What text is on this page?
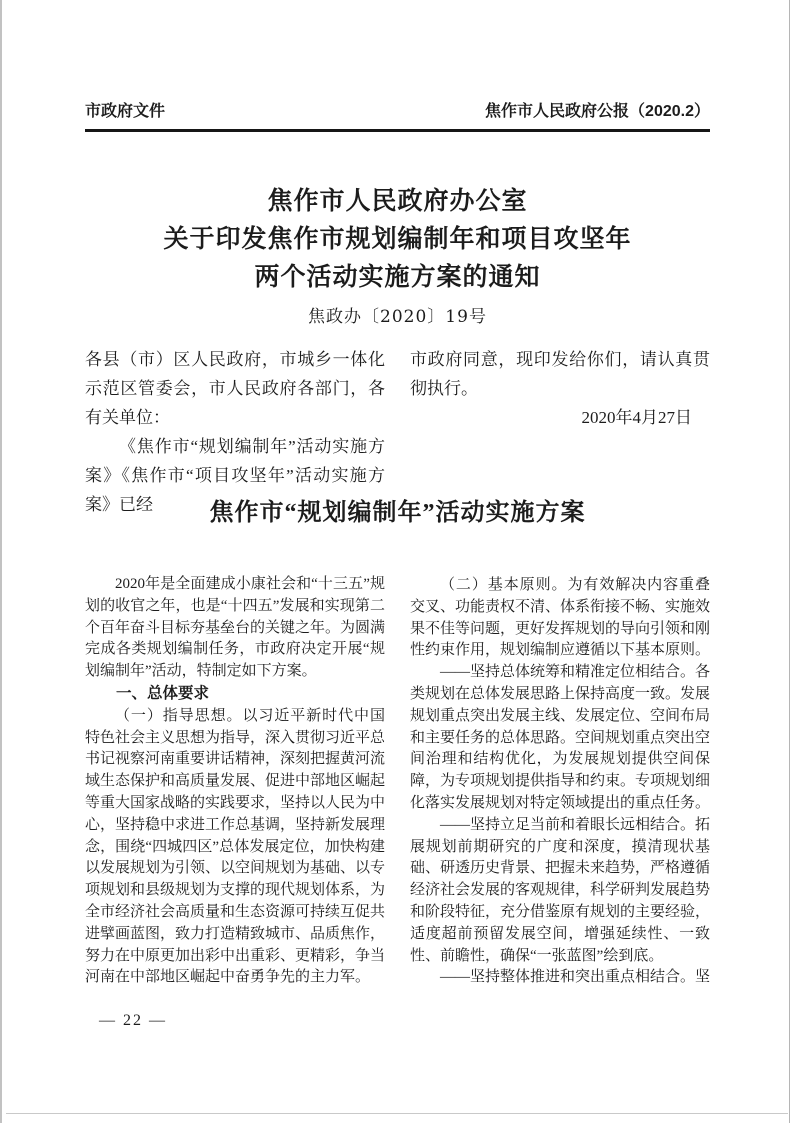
市政府文件	焦作市人民政府公报（2020.2）
焦作市人民政府办公室
关于印发焦作市规划编制年和项目攻坚年
两个活动实施方案的通知
焦政办〔2020〕19号

各县（市）区人民政府，市城乡一体化示范区管委会，市人民政府各部门，各有关单位：

《焦作市“规划编制年”活动实施方案》《焦作市“项目攻坚年”活动实施方案》已经

市政府同意，现印发给你们，请认真贯彻执行。

2020年4月27日

焦作市“规划编制年”活动实施方案

2020年是全面建成小康社会和“十三五”规划的收官之年，也是“十四五”发展和实现第二个百年奋斗目标夯基垒台的关键之年。为圆满完成各类规划编制任务，市政府决定开展“规划编制年”活动，特制定如下方案。

一、总体要求

（一）指导思想。以习近平新时代中国特色社会主义思想为指导，深入贯彻习近平总书记视察河南重要讲话精神，深刻把握黄河流域生态保护和高质量发展、促进中部地区崛起等重大国家战略的实践要求，坚持以人民为中心，坚持稳中求进工作总基调，坚持新发展理念，围绕“四城四区”总体发展定位，加快构建以发展规划为引领、以空间规划为基础、以专项规划和县级规划为支撑的现代规划体系，为全市经济社会高质量和生态资源可持续互促共进擘画蓝图，致力打造精致城市、品质焦作，努力在中原更加出彩中出重彩、更精彩，争当河南在中部地区崛起中奋勇争先的主力军。

（二）基本原则。为有效解决内容重叠交叉、功能责权不清、体系衔接不畅、实施效果不佳等问题，更好发挥规划的导向引领和刚性约束作用，规划编制应遵循以下基本原则。

——坚持总体统筹和精准定位相结合。各类规划在总体发展思路上保持高度一致。发展规划重点突出发展主线、发展定位、空间布局和主要任务的总体思路。空间规划重点突出空间治理和结构优化，为发展规划提供空间保障，为专项规划提供指导和约束。专项规划细化落实发展规划对特定领域提出的重点任务。

——坚持立足当前和着眼长远相结合。拓展规划前期研究的广度和深度，摸清现状基础、研透历史背景、把握未来趋势，严格遵循经济社会发展的客观规律，科学研判发展趋势和阶段特征，充分借鉴原有规划的主要经验，适度超前预留发展空间，增强延续性、一致性、前瞻性，确保“一张蓝图”绘到底。

——坚持整体推进和突出重点相结合。坚

— 22 —
